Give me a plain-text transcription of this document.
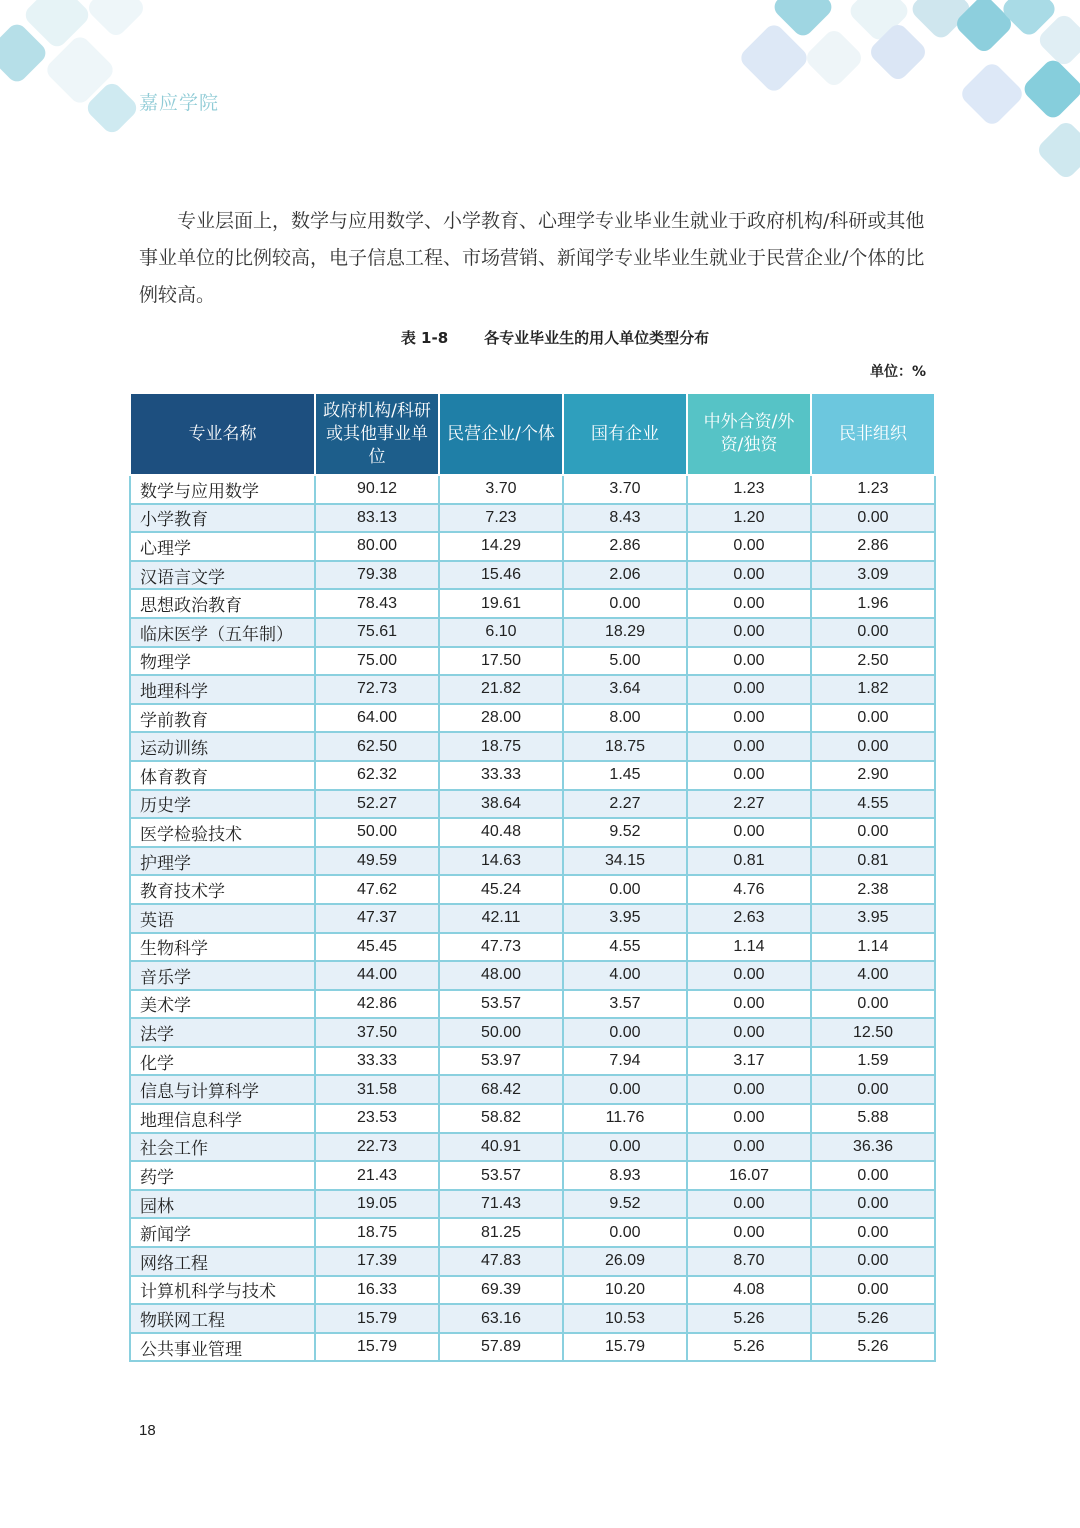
嘉应学院

专业层面上，数学与应用数学、小学教育、心理学专业毕业生就业于政府机构/科研或其他事业单位的比例较高，电子信息工程、市场营销、新闻学专业毕业生就业于民营企业/个体的比例较高。

表 1-8 各专业毕业生的用人单位类型分布
单位：%
专业名称	政府机构/科研或其他事业单位	民营企业/个体	国有企业	中外合资/外资/独资	民非组织
数学与应用数学	90.12	3.70	3.70	1.23	1.23
小学教育	83.13	7.23	8.43	1.20	0.00
心理学	80.00	14.29	2.86	0.00	2.86
汉语言文学	79.38	15.46	2.06	0.00	3.09
思想政治教育	78.43	19.61	0.00	0.00	1.96
临床医学（五年制）	75.61	6.10	18.29	0.00	0.00
物理学	75.00	17.50	5.00	0.00	2.50
地理科学	72.73	21.82	3.64	0.00	1.82
学前教育	64.00	28.00	8.00	0.00	0.00
运动训练	62.50	18.75	18.75	0.00	0.00
体育教育	62.32	33.33	1.45	0.00	2.90
历史学	52.27	38.64	2.27	2.27	4.55
医学检验技术	50.00	40.48	9.52	0.00	0.00
护理学	49.59	14.63	34.15	0.81	0.81
教育技术学	47.62	45.24	0.00	4.76	2.38
英语	47.37	42.11	3.95	2.63	3.95
生物科学	45.45	47.73	4.55	1.14	1.14
音乐学	44.00	48.00	4.00	0.00	4.00
美术学	42.86	53.57	3.57	0.00	0.00
法学	37.50	50.00	0.00	0.00	12.50
化学	33.33	53.97	7.94	3.17	1.59
信息与计算科学	31.58	68.42	0.00	0.00	0.00
地理信息科学	23.53	58.82	11.76	0.00	5.88
社会工作	22.73	40.91	0.00	0.00	36.36
药学	21.43	53.57	8.93	16.07	0.00
园林	19.05	71.43	9.52	0.00	0.00
新闻学	18.75	81.25	0.00	0.00	0.00
网络工程	17.39	47.83	26.09	8.70	0.00
计算机科学与技术	16.33	69.39	10.20	4.08	0.00
物联网工程	15.79	63.16	10.53	5.26	5.26
公共事业管理	15.79	57.89	15.79	5.26	5.26
18
